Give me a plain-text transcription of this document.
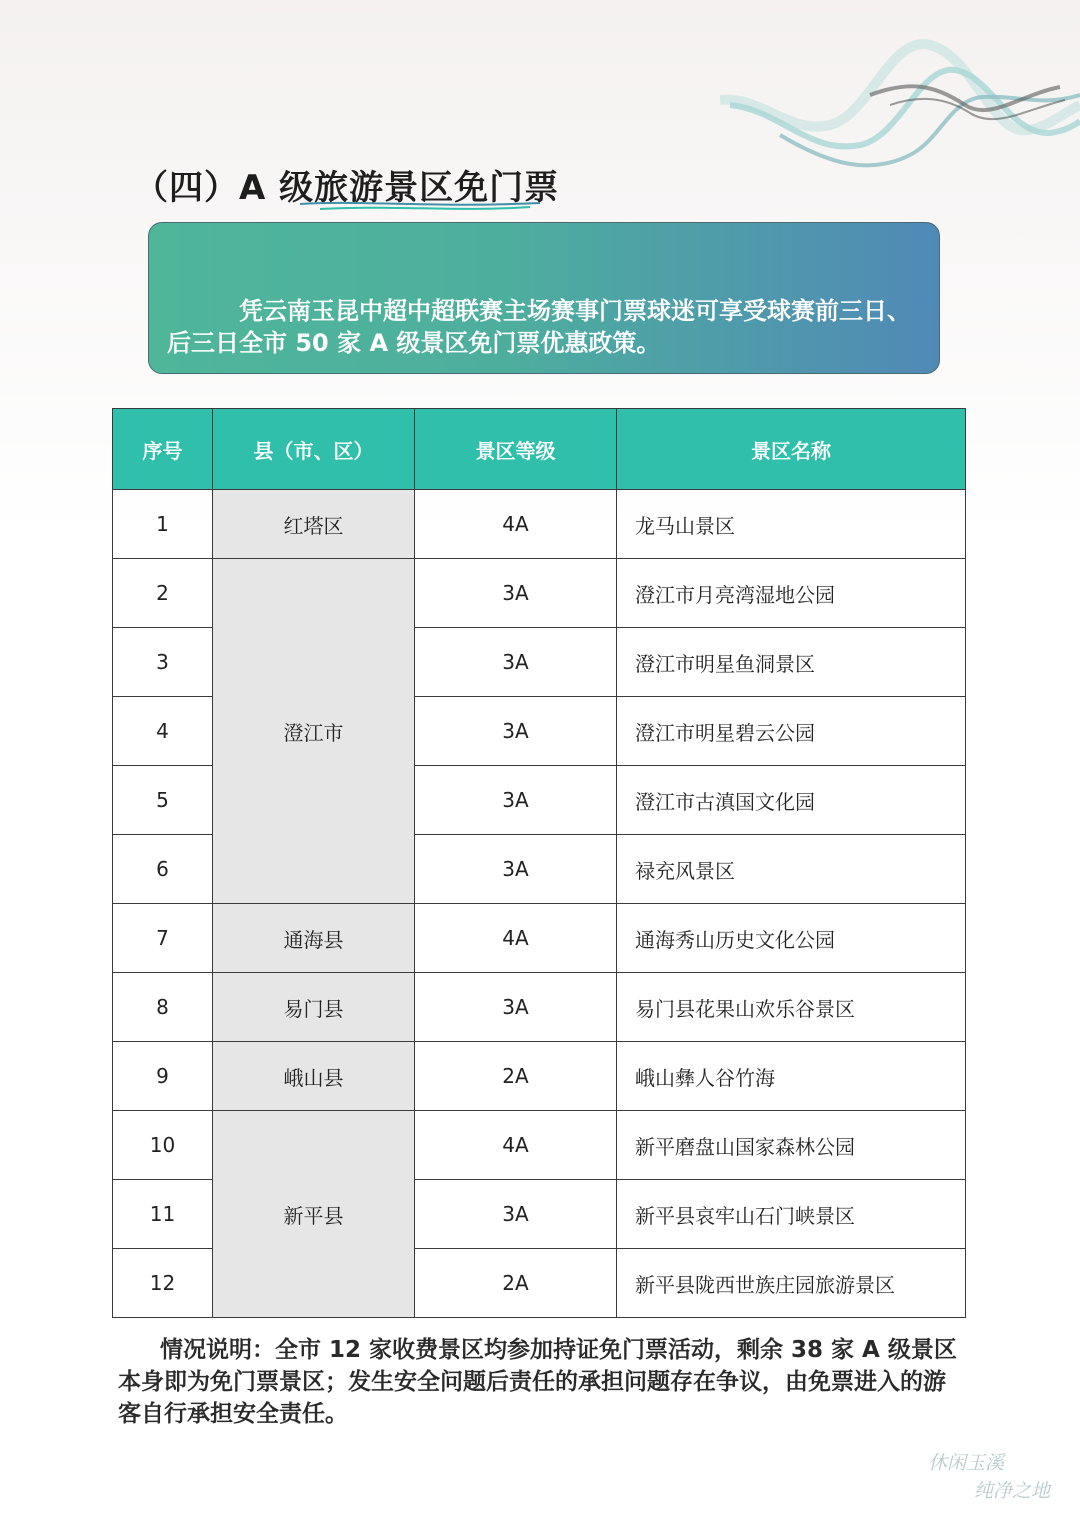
（四）A 级旅游景区免门票
凭云南玉昆中超中超联赛主场赛事门票球迷可享受球赛前三日、后三日全市 50 家 A 级景区免门票优惠政策。
序号	县（市、区）	景区等级	景区名称
1	红塔区	4A	龙马山景区
2	澄江市	3A	澄江市月亮湾湿地公园
3		3A	澄江市明星鱼洞景区
4		3A	澄江市明星碧云公园
5		3A	澄江市古滇国文化园
6		3A	禄充风景区
7	通海县	4A	通海秀山历史文化公园
8	易门县	3A	易门县花果山欢乐谷景区
9	峨山县	2A	峨山彝人谷竹海
10	新平县	4A	新平磨盘山国家森林公园
11		3A	新平县哀牢山石门峡景区
12		2A	新平县陇西世族庄园旅游景区
情况说明：全市 12 家收费景区均参加持证免门票活动，剩余 38 家 A 级景区本身即为免门票景区；发生安全问题后责任的承担问题存在争议，由免票进入的游客自行承担安全责任。
休闲玉溪
纯净之地
